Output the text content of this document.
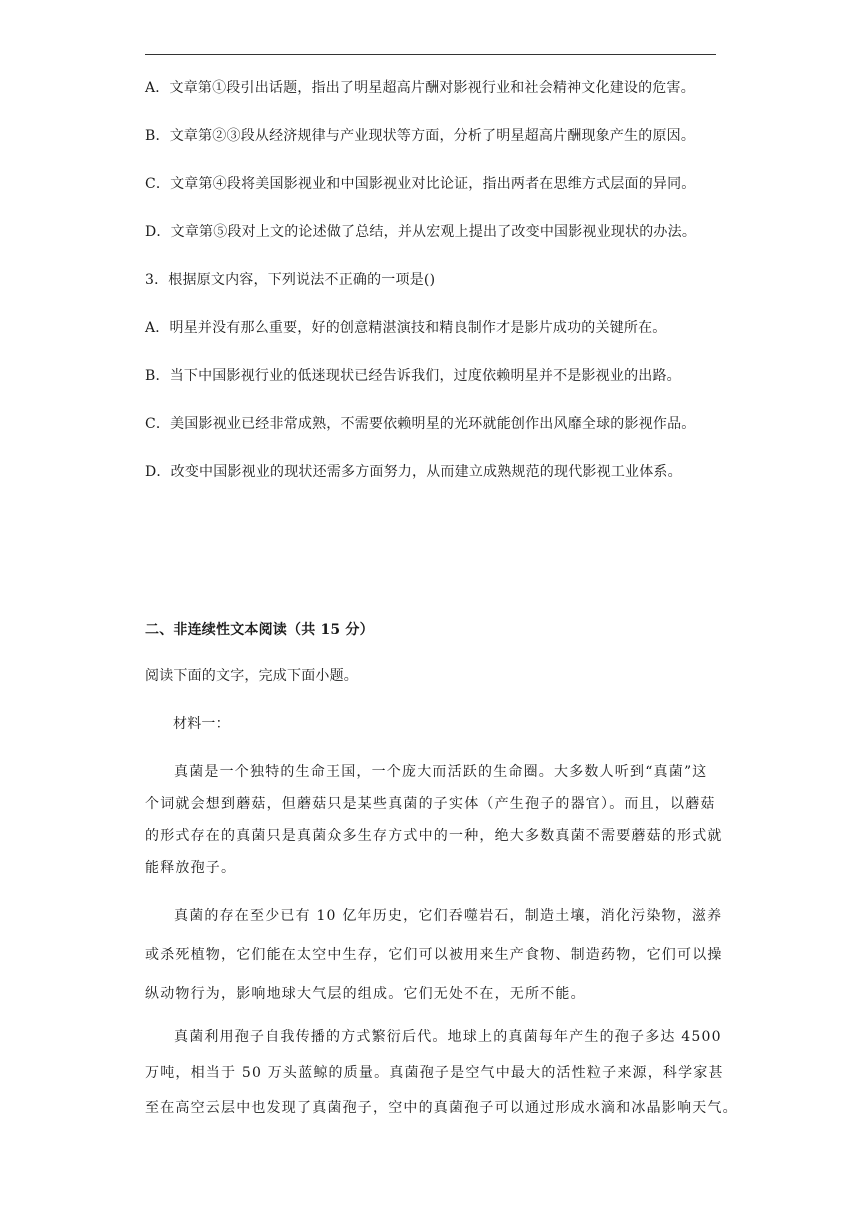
A．文章第①段引出话题，指出了明星超高片酬对影视行业和社会精神文化建设的危害。
B．文章第②③段从经济规律与产业现状等方面，分析了明星超高片酬现象产生的原因。
C．文章第④段将美国影视业和中国影视业对比论证，指出两者在思维方式层面的异同。
D．文章第⑤段对上文的论述做了总结，并从宏观上提出了改变中国影视业现状的办法。
3．根据原文内容，下列说法不正确的一项是()
A．明星并没有那么重要，好的创意精湛演技和精良制作才是影片成功的关键所在。
B．当下中国影视行业的低迷现状已经告诉我们，过度依赖明星并不是影视业的出路。
C．美国影视业已经非常成熟，不需要依赖明星的光环就能创作出风靡全球的影视作品。
D．改变中国影视业的现状还需多方面努力，从而建立成熟规范的现代影视工业体系。
二、非连续性文本阅读（共 15 分）
阅读下面的文字，完成下面小题。
材料一：
真菌是一个独特的生命王国，一个庞大而活跃的生命圈。大多数人听到“真菌”这
个词就会想到蘑菇，但蘑菇只是某些真菌的子实体（产生孢子的器官）。而且，以蘑菇
的形式存在的真菌只是真菌众多生存方式中的一种，绝大多数真菌不需要蘑菇的形式就
能释放孢子。
真菌的存在至少已有 10 亿年历史，它们吞噬岩石，制造土壤，消化污染物，滋养
或杀死植物，它们能在太空中生存，它们可以被用来生产食物、制造药物，它们可以操
纵动物行为，影响地球大气层的组成。它们无处不在，无所不能。
真菌利用孢子自我传播的方式繁衍后代。地球上的真菌每年产生的孢子多达 4500
万吨，相当于 50 万头蓝鲸的质量。真菌孢子是空气中最大的活性粒子来源，科学家甚
至在高空云层中也发现了真菌孢子，空中的真菌孢子可以通过形成水滴和冰晶影响天气。
